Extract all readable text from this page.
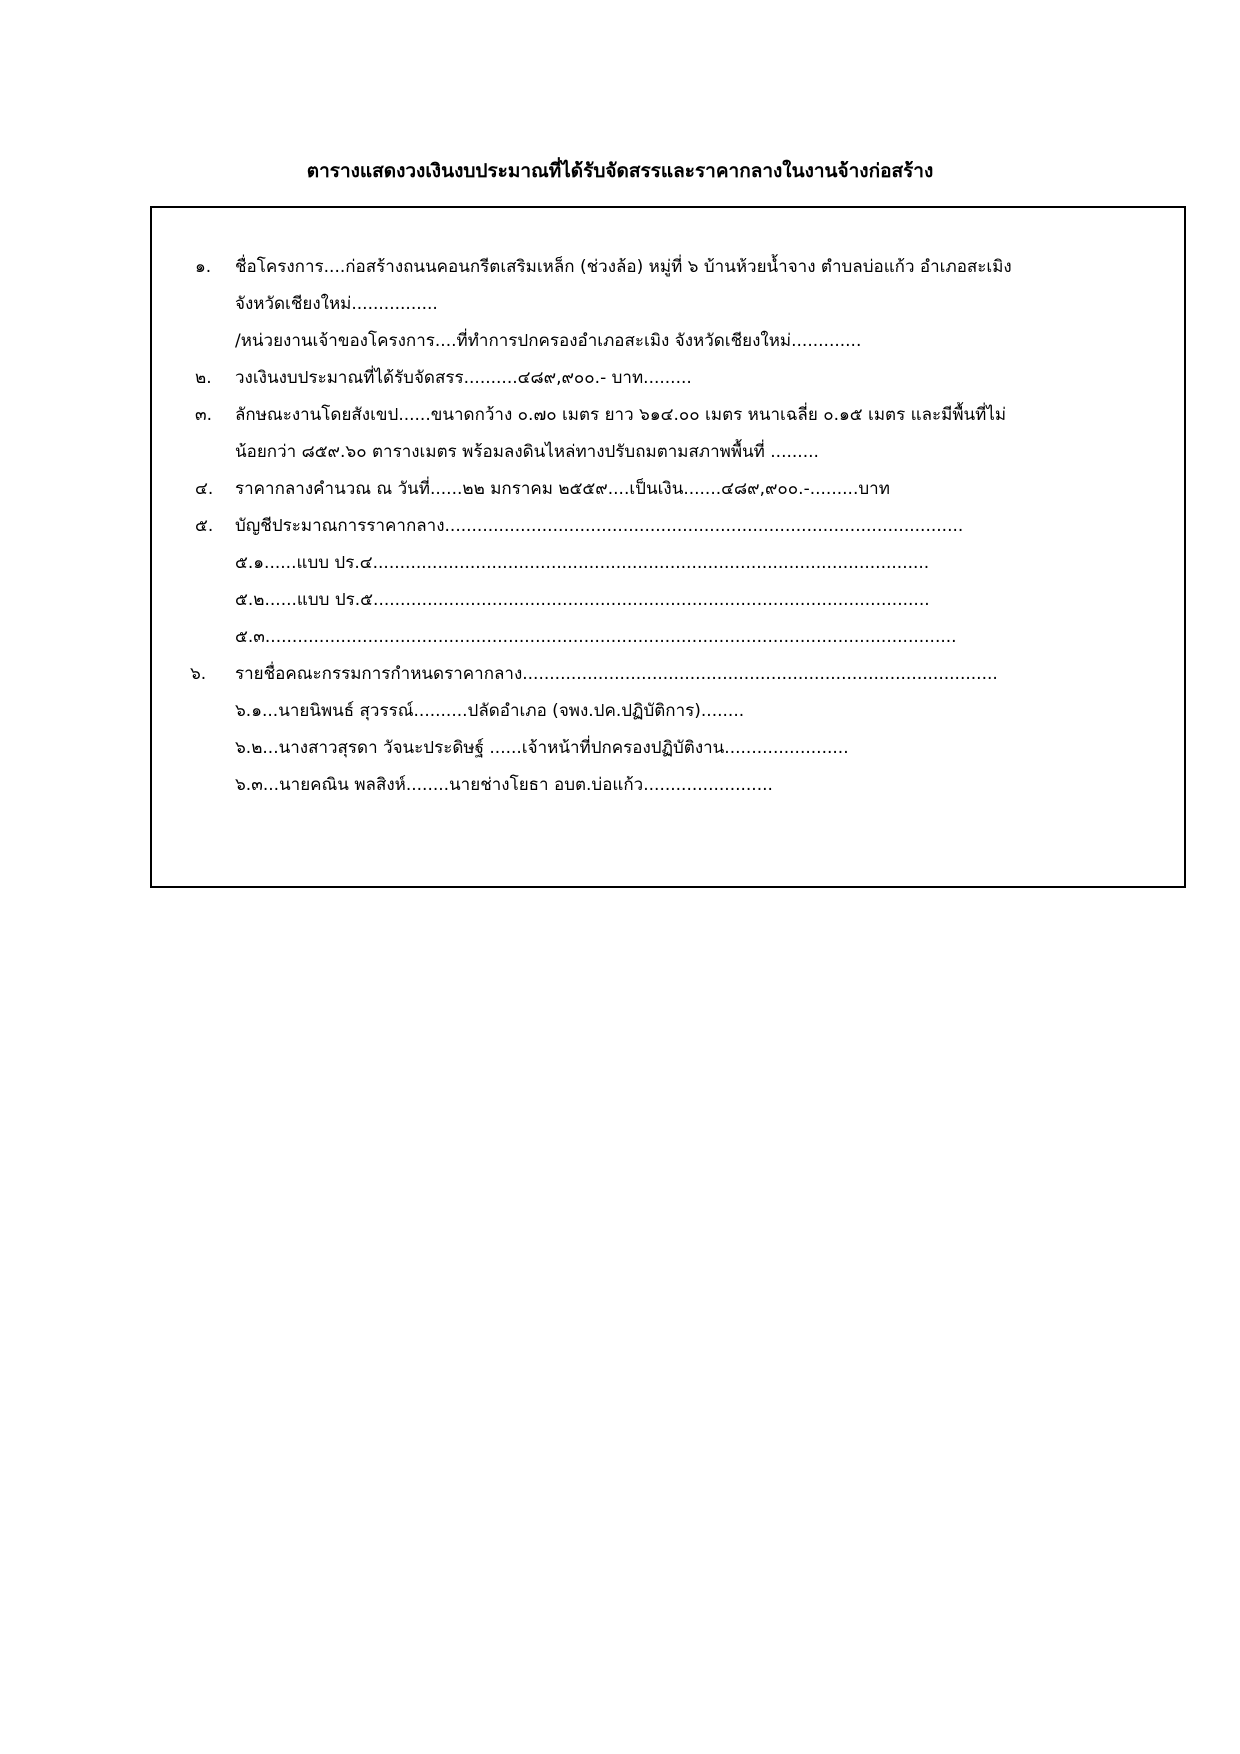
ตารางแสดงวงเงินงบประมาณที่ได้รับจัดสรรและราคากลางในงานจ้างก่อสร้าง
๑. ชื่อโครงการ....ก่อสร้างถนนคอนกรีตเสริมเหล็ก (ช่วงล้อ) หมู่ที่ ๖ บ้านห้วยน้ำจาง ตำบลบ่อแก้ว อำเภอสะเมิง
จังหวัดเชียงใหม่................
/หน่วยงานเจ้าของโครงการ....ที่ทำการปกครองอำเภอสะเมิง จังหวัดเชียงใหม่.............
๒. วงเงินงบประมาณที่ได้รับจัดสรร..........๔๘๙,๙๐๐.- บาท.........
๓. ลักษณะงานโดยสังเขป......ขนาดกว้าง ๐.๗๐ เมตร ยาว ๖๑๔.๐๐ เมตร หนาเฉลี่ย ๐.๑๕ เมตร และมีพื้นที่ไม่
น้อยกว่า ๘๕๙.๖๐ ตารางเมตร พร้อมลงดินไหล่ทางปรับถมตามสภาพพื้นที่ .........
๔. ราคากลางคำนวณ ณ วันที่......๒๒ มกราคม ๒๕๕๙....เป็นเงิน.......๔๘๙,๙๐๐.-.........บาท
๕. บัญชีประมาณการราคากลาง................................................................................................
๕.๑......แบบ ปร.๔.......................................................................................................
๕.๒......แบบ ปร.๕.......................................................................................................
๕.๓................................................................................................................................
๖. รายชื่อคณะกรรมการกำหนดราคากลาง........................................................................................
๖.๑...นายนิพนธ์ สุวรรณ์..........ปลัดอำเภอ (จพง.ปค.ปฏิบัติการ)........
๖.๒...นางสาวสุรดา วัจนะประดิษฐ์ ......เจ้าหน้าที่ปกครองปฏิบัติงาน.......................
๖.๓...นายคณิน พลสิงห์........นายช่างโยธา อบต.บ่อแก้ว........................
